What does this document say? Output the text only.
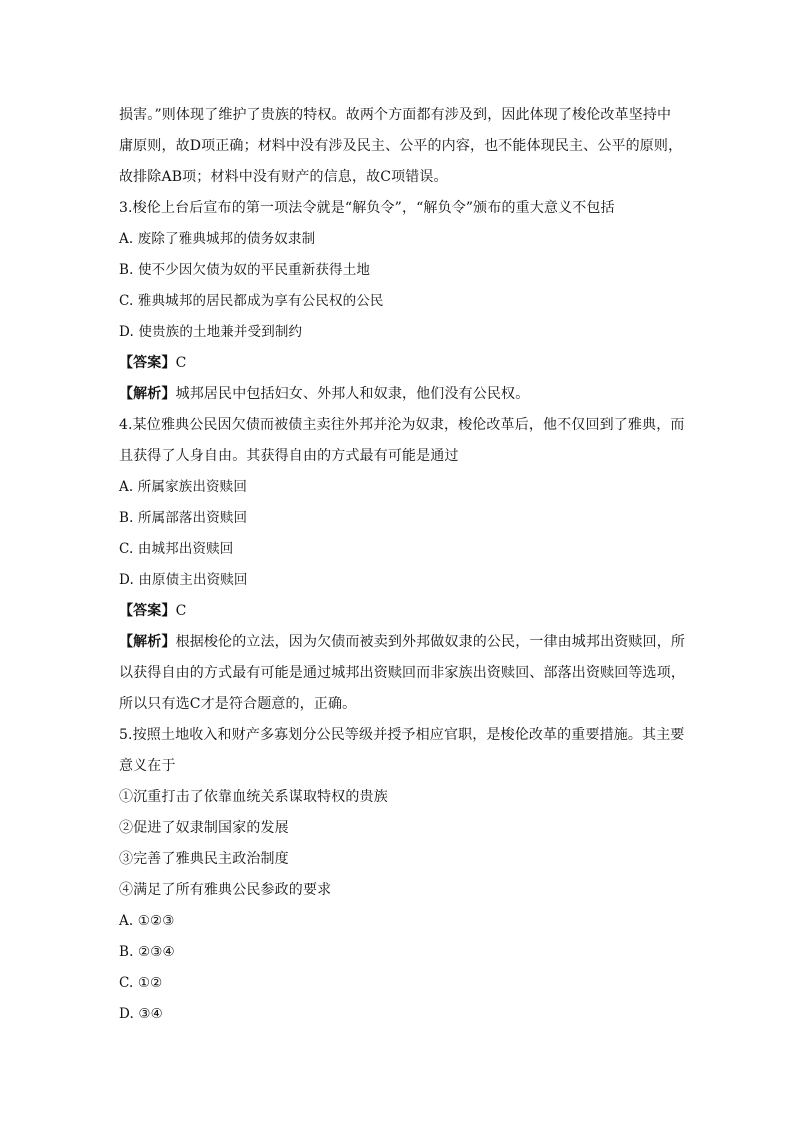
损害。”则体现了维护了贵族的特权。故两个方面都有涉及到，因此体现了梭伦改革坚持中
庸原则，故D项正确；材料中没有涉及民主、公平的内容，也不能体现民主、公平的原则，
故排除AB项；材料中没有财产的信息，故C项错误。
3.梭伦上台后宣布的第一项法令就是“解负令”，“解负令”颁布的重大意义不包括
A. 废除了雅典城邦的债务奴隶制
B. 使不少因欠债为奴的平民重新获得土地
C. 雅典城邦的居民都成为享有公民权的公民
D. 使贵族的土地兼并受到制约
【答案】C
【解析】城邦居民中包括妇女、外邦人和奴隶，他们没有公民权。
4.某位雅典公民因欠债而被债主卖往外邦并沦为奴隶，梭伦改革后，他不仅回到了雅典，而
且获得了人身自由。其获得自由的方式最有可能是通过
A. 所属家族出资赎回
B. 所属部落出资赎回
C. 由城邦出资赎回
D. 由原债主出资赎回
【答案】C
【解析】根据梭伦的立法，因为欠债而被卖到外邦做奴隶的公民，一律由城邦出资赎回，所
以获得自由的方式最有可能是通过城邦出资赎回而非家族出资赎回、部落出资赎回等选项，
所以只有选C才是符合题意的，正确。
5.按照土地收入和财产多寡划分公民等级并授予相应官职，是梭伦改革的重要措施。其主要
意义在于
①沉重打击了依靠血统关系谋取特权的贵族
②促进了奴隶制国家的发展
③完善了雅典民主政治制度
④满足了所有雅典公民参政的要求
A. ①②③
B. ②③④
C. ①②
D. ③④
